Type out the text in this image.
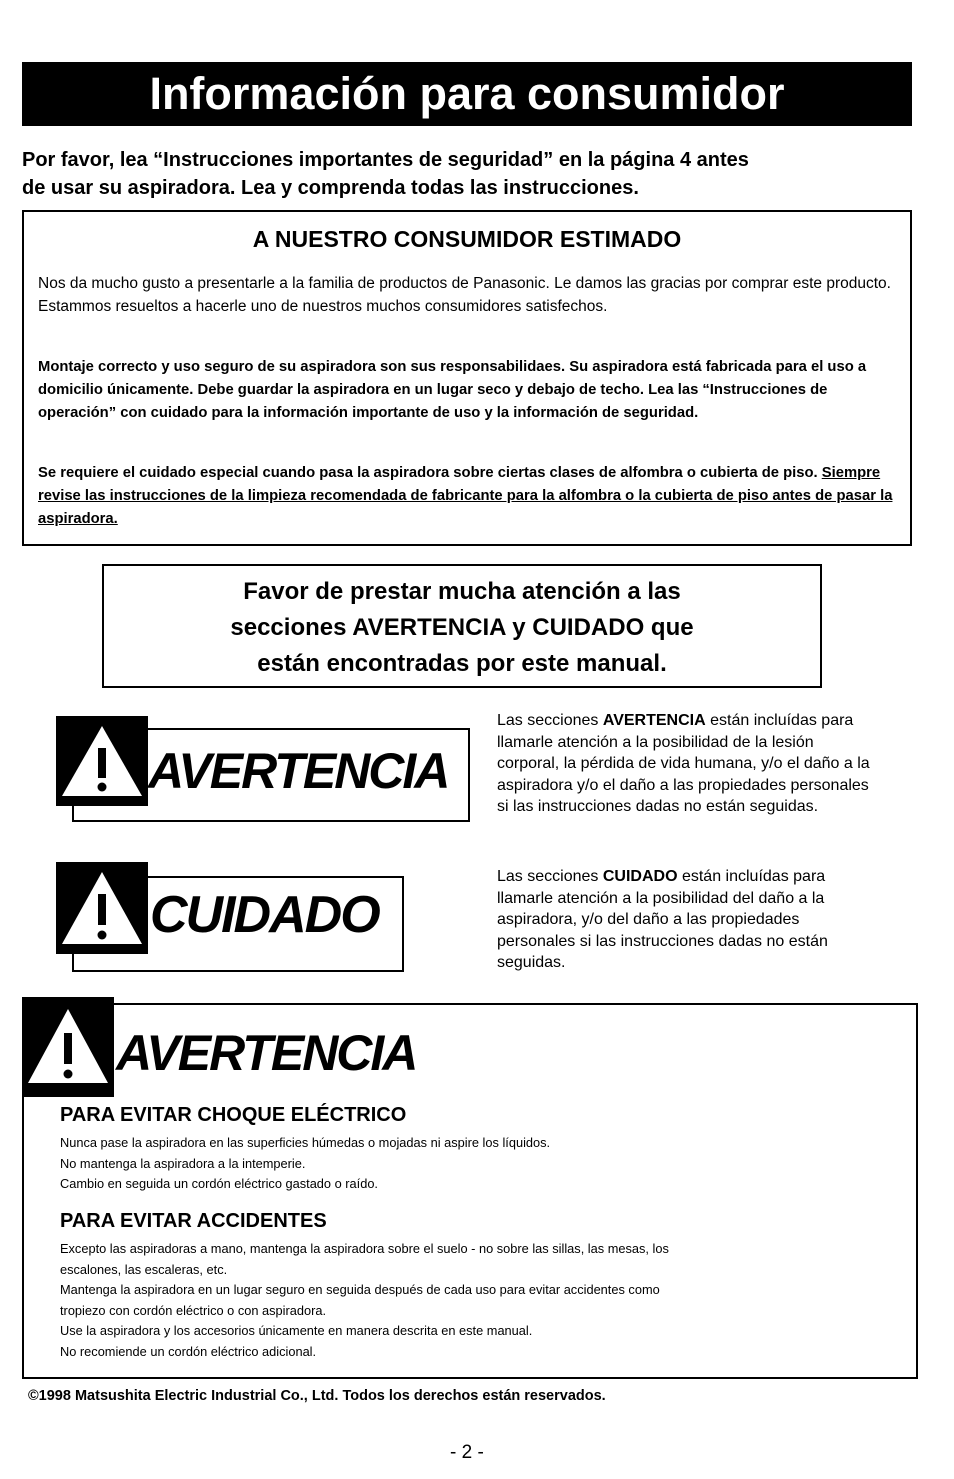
Información para consumidor
Por favor, lea “Instrucciones importantes de seguridad” en la página 4 antes
de usar su aspiradora. Lea y comprenda todas las instrucciones.
A NUESTRO CONSUMIDOR ESTIMADO

Nos da mucho gusto a presentarle a la familia de productos de Panasonic. Le damos las gracias por comprar este producto. Estammos resueltos a hacerle uno de nuestros muchos consumidores satisfechos.

Montaje correcto y uso seguro de su aspiradora son sus responsabilidaes. Su aspiradora está fabricada para el uso a domicilio únicamente. Debe guardar la aspiradora en un lugar seco y debajo de techo. Lea las “Instrucciones de operación” con cuidado para la información importante de uso y la información de seguridad.

Se requiere el cuidado especial cuando pasa la aspiradora sobre ciertas clases de alfombra o cubierta de piso. Siempre revise las instrucciones de la limpieza recomendada de fabricante para la alfombra o la cubierta de piso antes de pasar la aspiradora.

Favor de prestar mucha atención a las
secciones AVERTENCIA y CUIDADO que
están encontradas por este manual.
AVERTENCIA
Las secciones AVERTENCIA están incluídas para llamarle atención a la posibilidad de la lesión corporal, la pérdida de vida humana, y/o el daño a la aspiradora y/o el daño a las propiedades personales si las instrucciones dadas no están seguidas.
CUIDADO
Las secciones CUIDADO están incluídas para llamarle atención a la posibilidad del daño a la aspiradora, y/o del daño a las propiedades personales si las instrucciones dadas no están seguidas.
AVERTENCIA
PARA EVITAR CHOQUE ELÉCTRICO
Nunca pase la aspiradora en las superficies húmedas o mojadas ni aspire los líquidos.
No mantenga la aspiradora a la intemperie.
Cambio en seguida un cordón eléctrico gastado o raído.
PARA EVITAR ACCIDENTES
Excepto las aspiradoras a mano, mantenga la aspiradora sobre el suelo - no sobre las sillas, las mesas, los
escalones, las escaleras, etc.
Mantenga la aspiradora en un lugar seguro en seguida después de cada uso para evitar accidentes como
tropiezo con cordón eléctrico o con aspiradora.
Use la aspiradora y los accesorios únicamente en manera descrita en este manual.
No recomiende un cordón eléctrico adicional.
©1998 Matsushita Electric Industrial Co., Ltd. Todos los derechos están reservados.
- 2 -
